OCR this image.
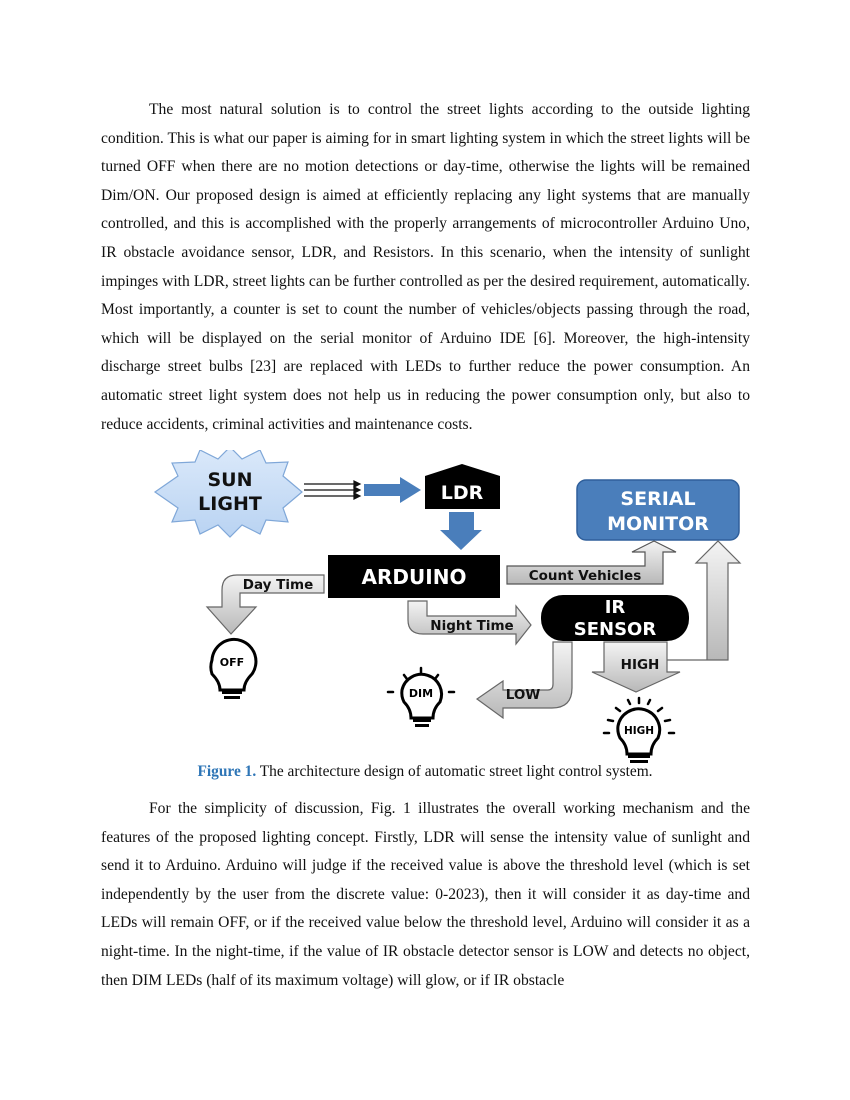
The most natural solution is to control the street lights according to the outside lighting condition. This is what our paper is aiming for in smart lighting system in which the street lights will be turned OFF when there are no motion detections or day-time, otherwise the lights will be remained Dim/ON. Our proposed design is aimed at efficiently replacing any light systems that are manually controlled, and this is accomplished with the properly arrangements of microcontroller Arduino Uno, IR obstacle avoidance sensor, LDR, and Resistors. In this scenario, when the intensity of sunlight impinges with LDR, street lights can be further controlled as per the desired requirement, automatically. Most importantly, a counter is set to count the number of vehicles/objects passing through the road, which will be displayed on the serial monitor of Arduino IDE [6]. Moreover, the high-intensity discharge street bulbs [23] are replaced with LEDs to further reduce the power consumption. An automatic street light system does not help us in reducing the power consumption only, but also to reduce accidents, criminal activities and maintenance costs.

SUN
LIGHT	LDR	SERIAL
MONITOR
ARDUINO	Count Vehicles
Day Time
Night Time
IR
SENSOR
HIGH
LOW
OFF
DIM
HIGH

Figure 1. The architecture design of automatic street light control system.

For the simplicity of discussion, Fig. 1 illustrates the overall working mechanism and the features of the proposed lighting concept. Firstly, LDR will sense the intensity value of sunlight and send it to Arduino. Arduino will judge if the received value is above the threshold level (which is set independently by the user from the discrete value: 0-2023), then it will consider it as day-time and LEDs will remain OFF, or if the received value below the threshold level, Arduino will consider it as a night-time. In the night-time, if the value of IR obstacle detector sensor is LOW and detects no object, then DIM LEDs (half of its maximum voltage) will glow, or if IR obstacle
